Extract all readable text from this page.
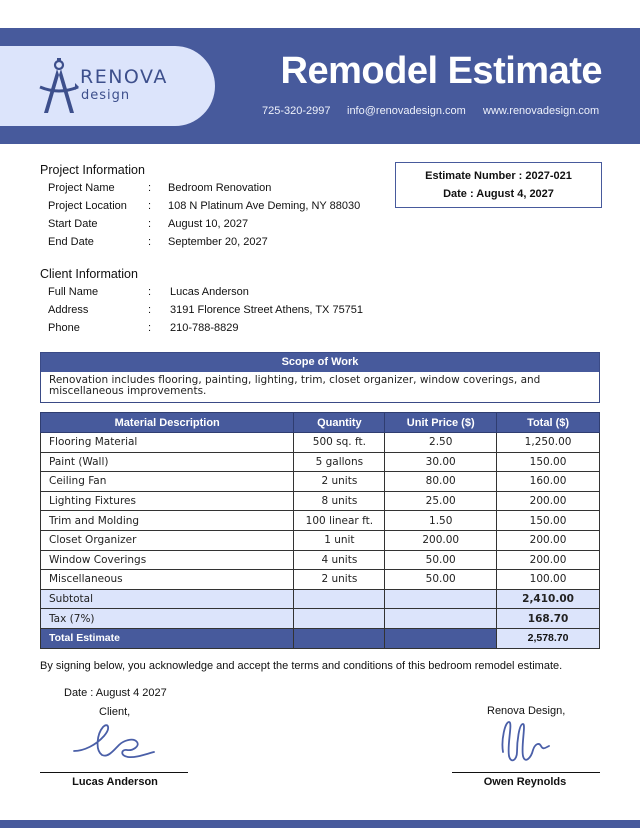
RENOVA
design
Remodel Estimate
725-320-2997 info@renovadesign.com www.renovadesign.com
Project Information
Project Name	: Bedroom Renovation
Project Location : 108 N Platinum Ave Deming, NY 88030
Start Date	: August 10, 2027
End Date	: September 20, 2027
Estimate Number : 2027-021
Date : August 4, 2027
Client Information
Full Name	: Lucas Anderson
Address	: 3191 Florence Street Athens, TX 75751
Phone	: 210-788-8829
Scope of Work
Renovation includes flooring, painting, lighting, trim, closet organizer, window coverings, and miscellaneous improvements.
Material Description	Quantity	Unit Price ($)	Total ($)
Flooring Material	500 sq. ft.	2.50	1,250.00
Paint (Wall)	5 gallons	30.00	150.00
Ceiling Fan	2 units	80.00	160.00
Lighting Fixtures	8 units	25.00	200.00
Trim and Molding	100 linear ft.	1.50	150.00
Closet Organizer	1 unit	200.00	200.00
Window Coverings	4 units	50.00	200.00
Miscellaneous	2 units	50.00	100.00
Subtotal			2,410.00
Tax (7%)			168.70
Total Estimate			2,578.70
By signing below, you acknowledge and accept the terms and conditions of this bedroom remodel estimate.
Date : August 4 2027
Client,	Renova Design,
Lucas Anderson	Owen Reynolds
